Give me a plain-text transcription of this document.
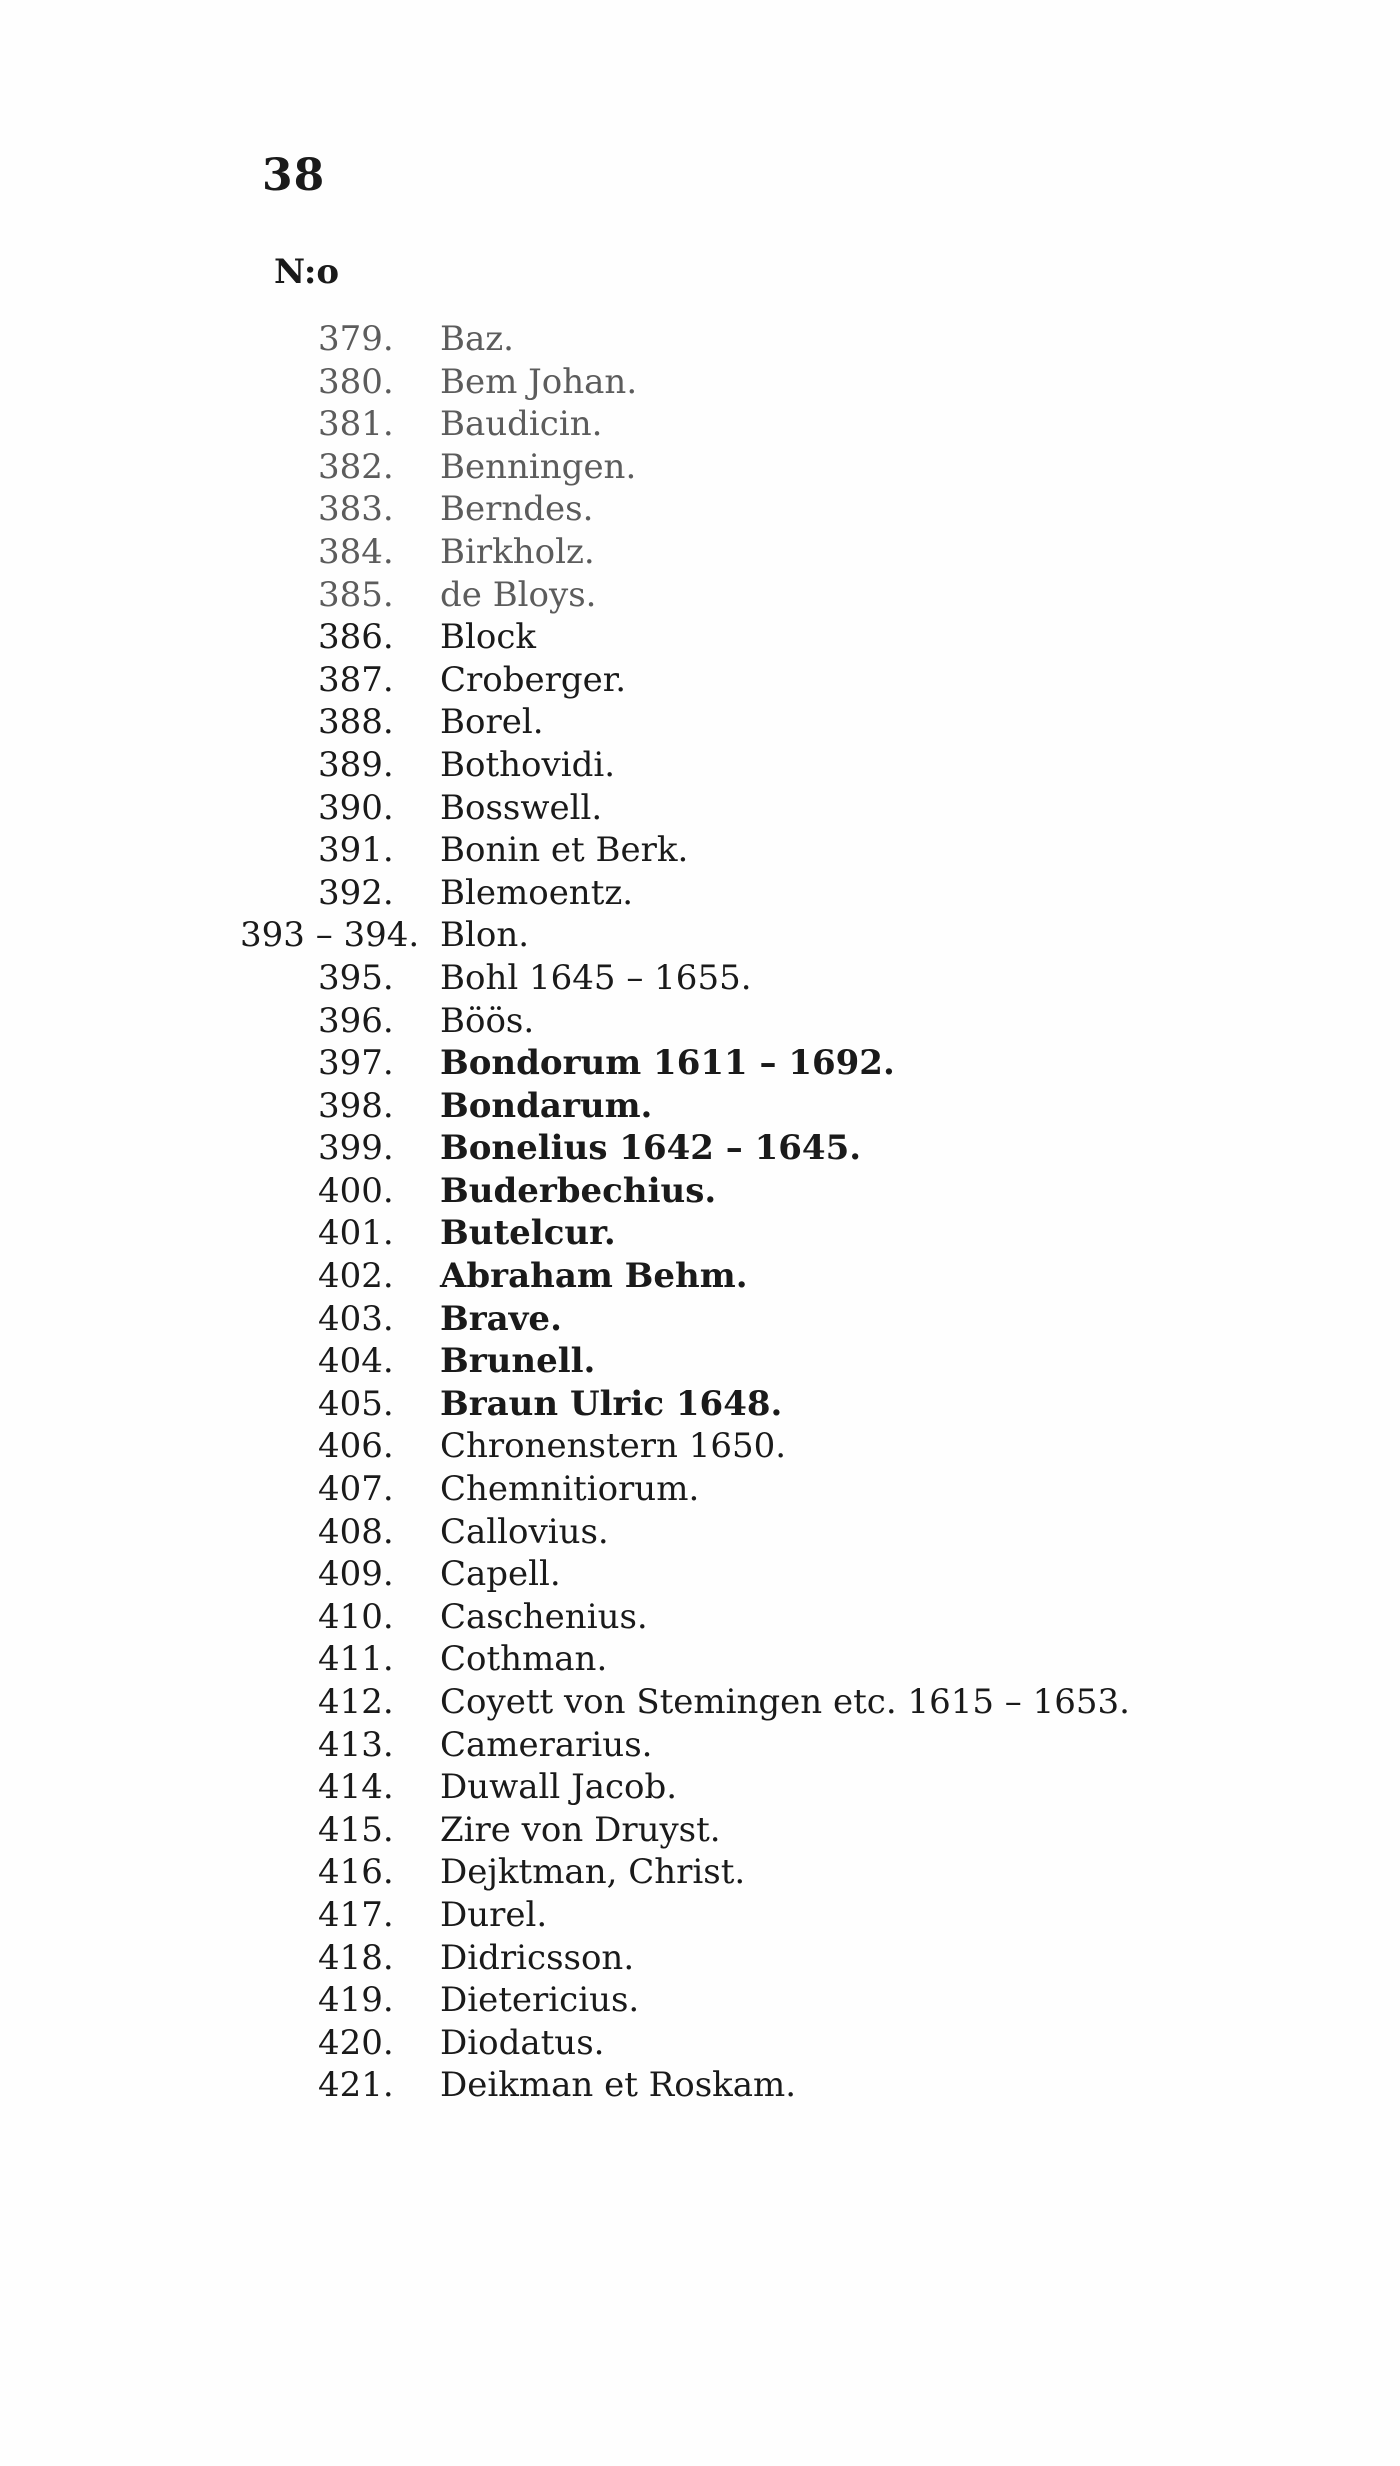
38
N:o
379.	Baz.
380.	Bem Johan.
381.	Baudicin.
382.	Benningen.
383.	Berndes.
384.	Birkholz.
385.	de Bloys.
386.	Block
387.	Croberger.
388.	Borel.
389.	Bothovidi.
390.	Bosswell.
391.	Bonin et Berk.
392.	Blemoentz.
393 – 394. Blon.
395.	Bohl 1645 – 1655.
396.	Böös.
397.	Bondorum 1611 – 1692.
398.	Bondarum.
399.	Bonelius 1642 – 1645.
400.	Buderbechius.
401.	Butelcur.
402.	Abraham Behm.
403.	Brave.
404.	Brunell.
405.	Braun Ulric 1648.
406.	Chronenstern 1650.
407.	Chemnitiorum.
408.	Callovius.
409.	Capell.
410.	Caschenius.
411.	Cothman.
412.	Coyett von Stemingen etc. 1615 – 1653.
413.	Camerarius.
414.	Duwall Jacob.
415.	Zire von Druyst.
416.	Dejktman, Christ.
417.	Durel.
418.	Didricsson.
419.	Dietericius.
420.	Diodatus.
421.	Deikman et Roskam.
